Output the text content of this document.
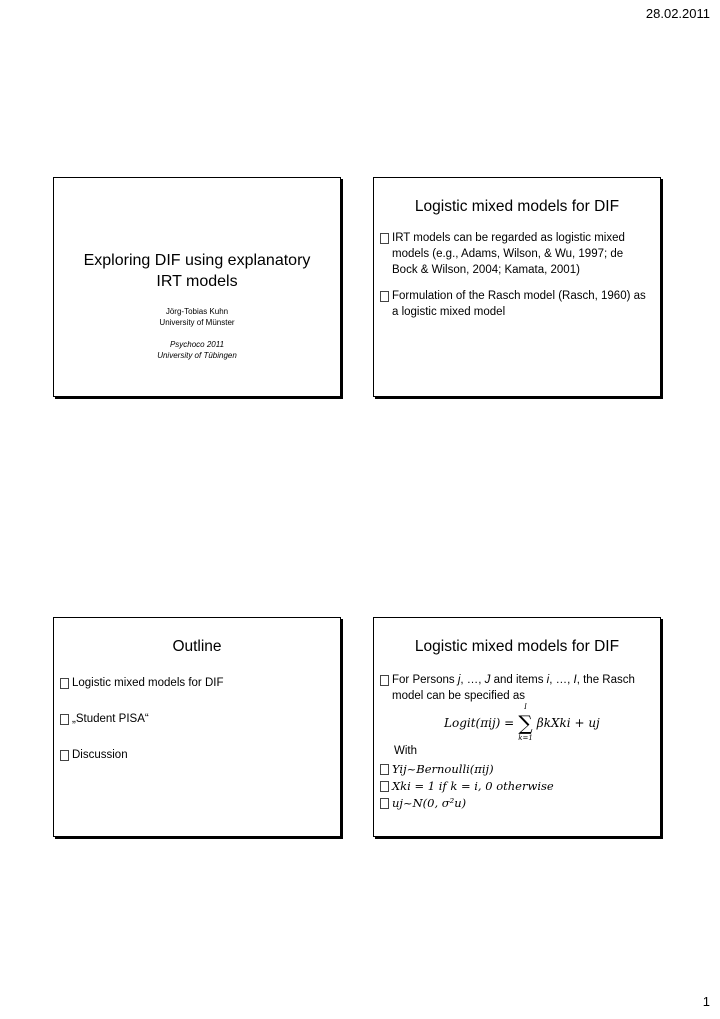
28.02.2011
Exploring DIF using explanatory
IRT models
Jörg-Tobias Kuhn
University of Münster
Psychoco 2011
University of Tübingen
Logistic mixed models for DIF
IRT models can be regarded as logistic mixed models (e.g., Adams, Wilson, & Wu, 1997; de Bock & Wilson, 2004; Kamata, 2001)
Formulation of the Rasch model (Rasch, 1960) as a logistic mixed model
Outline
Logistic mixed models for DIF
„Student PISA“
Discussion
Logistic mixed models for DIF
For Persons j, …, J and items i, …, I, the Rasch model can be specified as
Logit(πij) =
I
∑
k=1
βkXki + uj
With
Yij~Bernoulli(πij)
Xki = 1 if k = i, 0 otherwise
uj~N(0, σ²u)
1
